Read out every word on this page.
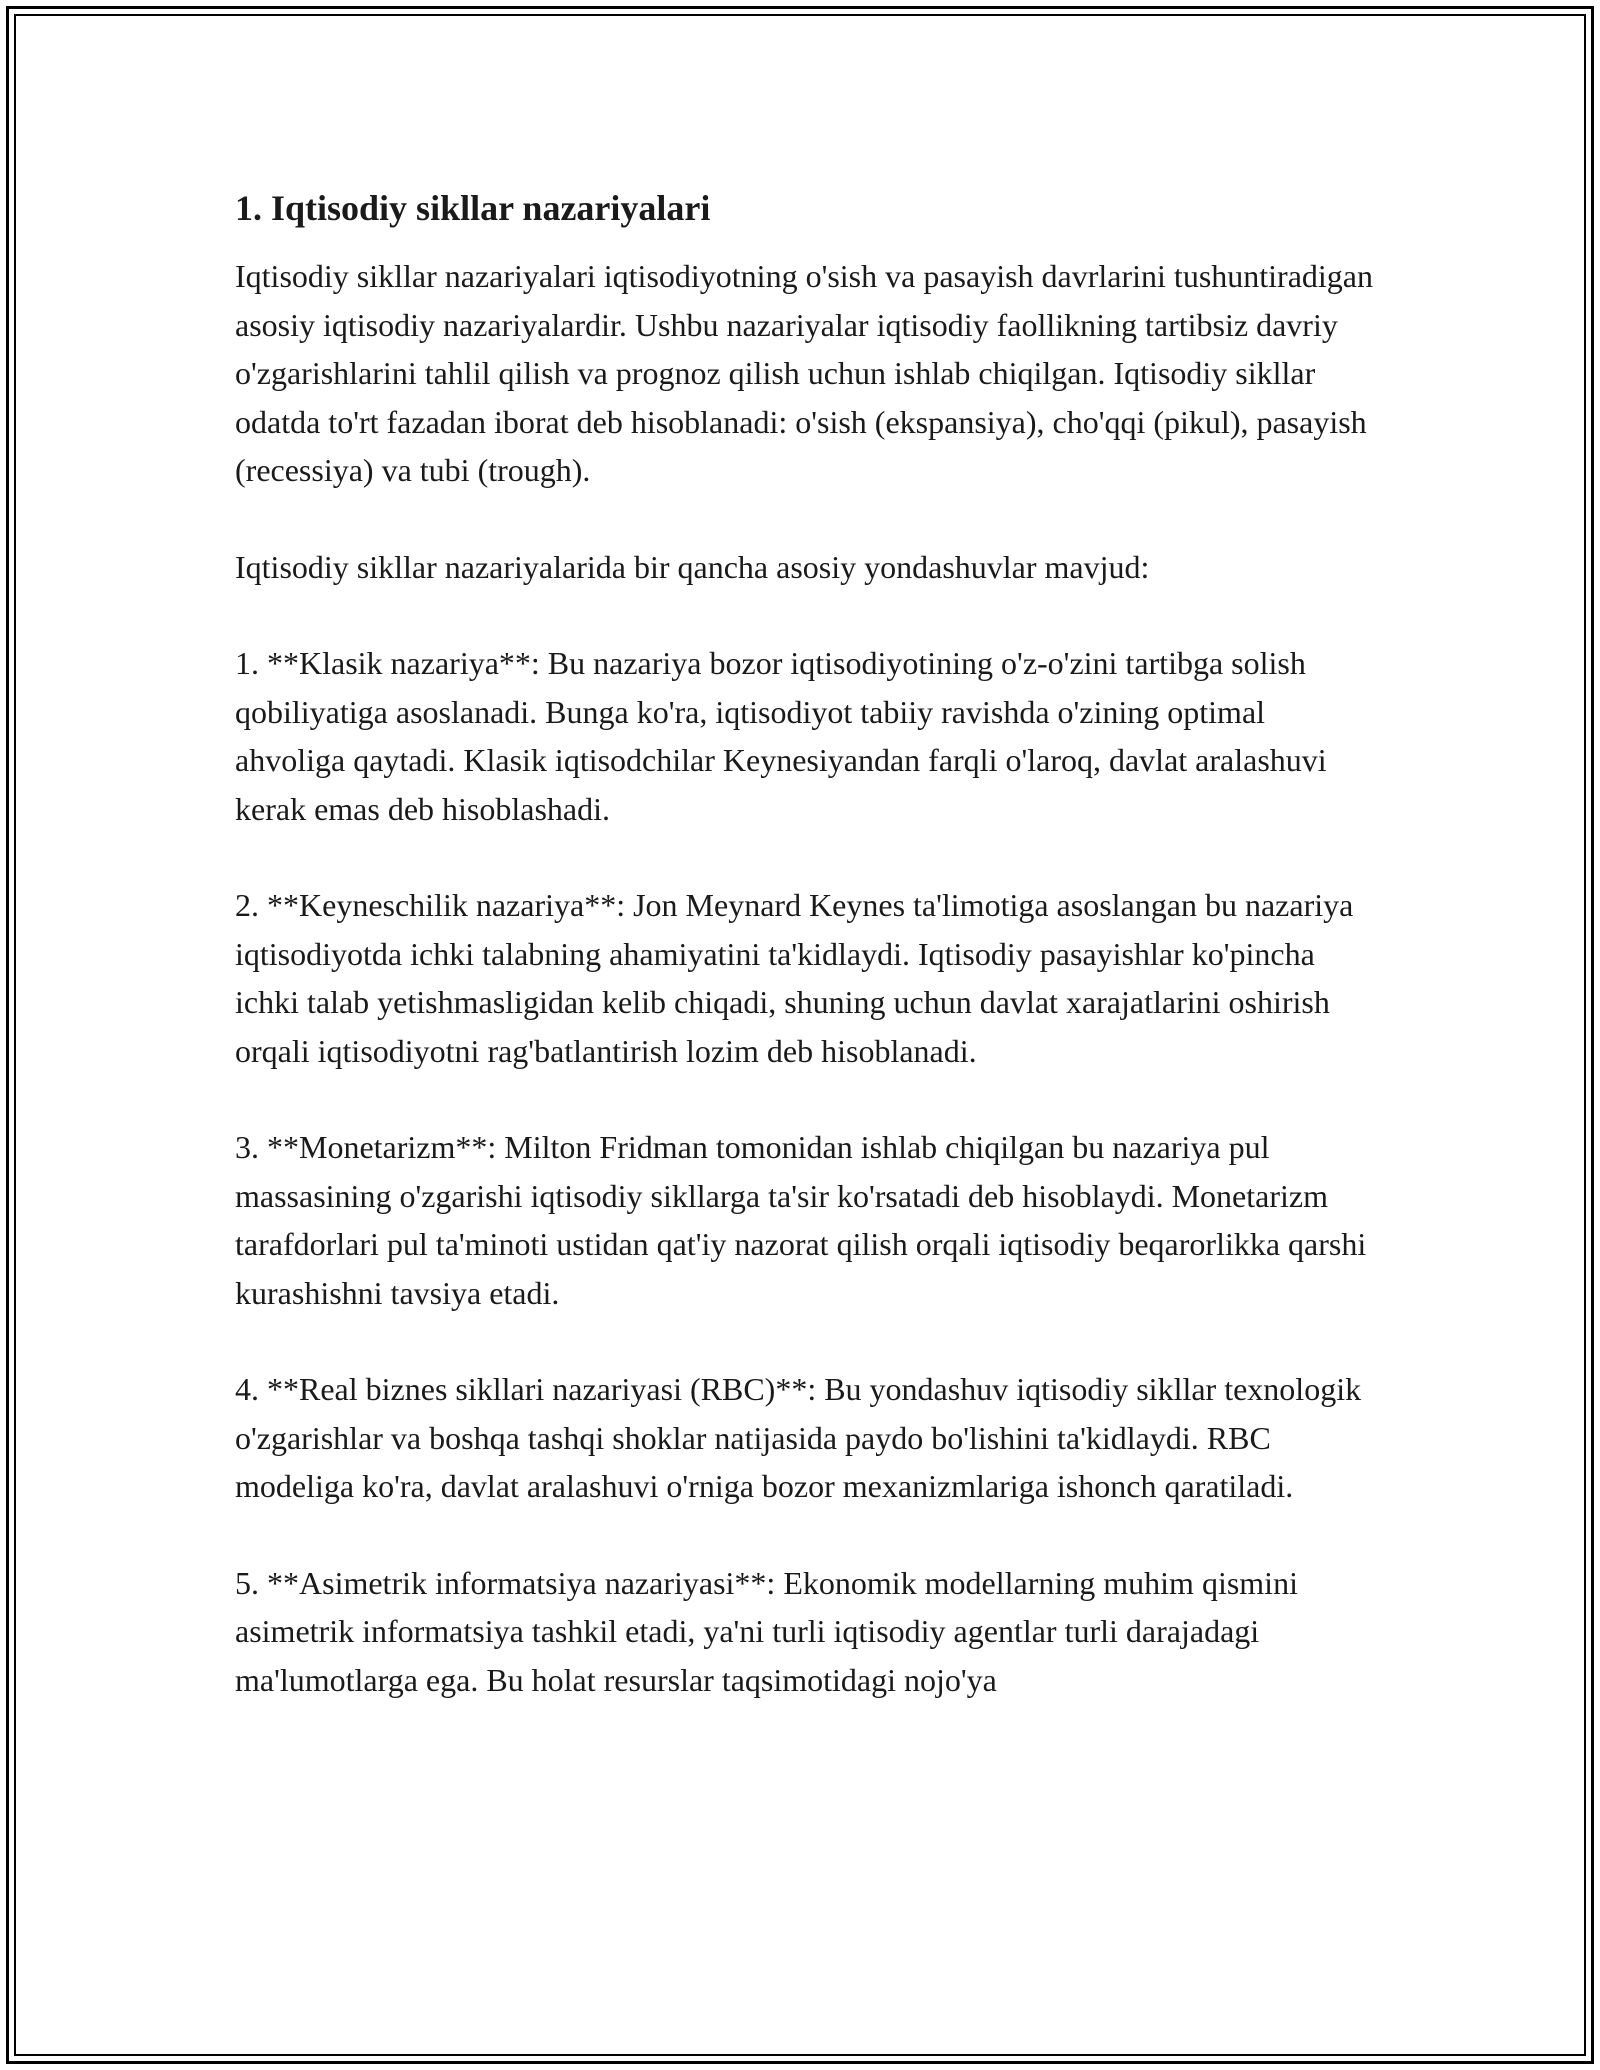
1. Iqtisodiy sikllar nazariyalari

Iqtisodiy sikllar nazariyalari iqtisodiyotning o'sish va pasayish davrlarini tushuntiradigan asosiy iqtisodiy nazariyalardir. Ushbu nazariyalar iqtisodiy faollikning tartibsiz davriy o'zgarishlarini tahlil qilish va prognoz qilish uchun ishlab chiqilgan. Iqtisodiy sikllar odatda to'rt fazadan iborat deb hisoblanadi: o'sish (ekspansiya), cho'qqi (pikul), pasayish (recessiya) va tubi (trough).

Iqtisodiy sikllar nazariyalarida bir qancha asosiy yondashuvlar mavjud:

1. **Klasik nazariya**: Bu nazariya bozor iqtisodiyotining o'z-o'zini tartibga solish qobiliyatiga asoslanadi. Bunga ko'ra, iqtisodiyot tabiiy ravishda o'zining optimal ahvoliga qaytadi. Klasik iqtisodchilar Keynesiyandan farqli o'laroq, davlat aralashuvi kerak emas deb hisoblashadi.

2. **Keyneschilik nazariya**: Jon Meynard Keynes ta'limotiga asoslangan bu nazariya iqtisodiyotda ichki talabning ahamiyatini ta'kidlaydi. Iqtisodiy pasayishlar ko'pincha ichki talab yetishmasligidan kelib chiqadi, shuning uchun davlat xarajatlarini oshirish orqali iqtisodiyotni rag'batlantirish lozim deb hisoblanadi.

3. **Monetarizm**: Milton Fridman tomonidan ishlab chiqilgan bu nazariya pul massasining o'zgarishi iqtisodiy sikllarga ta'sir ko'rsatadi deb hisoblaydi. Monetarizm tarafdorlari pul ta'minoti ustidan qat'iy nazorat qilish orqali iqtisodiy beqarorlikka qarshi kurashishni tavsiya etadi.

4. **Real biznes sikllari nazariyasi (RBC)**: Bu yondashuv iqtisodiy sikllar texnologik o'zgarishlar va boshqa tashqi shoklar natijasida paydo bo'lishini ta'kidlaydi. RBC modeliga ko'ra, davlat aralashuvi o'rniga bozor mexanizmlariga ishonch qaratiladi.

5. **Asimetrik informatsiya nazariyasi**: Ekonomik modellarning muhim qismini asimetrik informatsiya tashkil etadi, ya'ni turli iqtisodiy agentlar turli darajadagi ma'lumotlarga ega. Bu holat resurslar taqsimotidagi nojo'ya
